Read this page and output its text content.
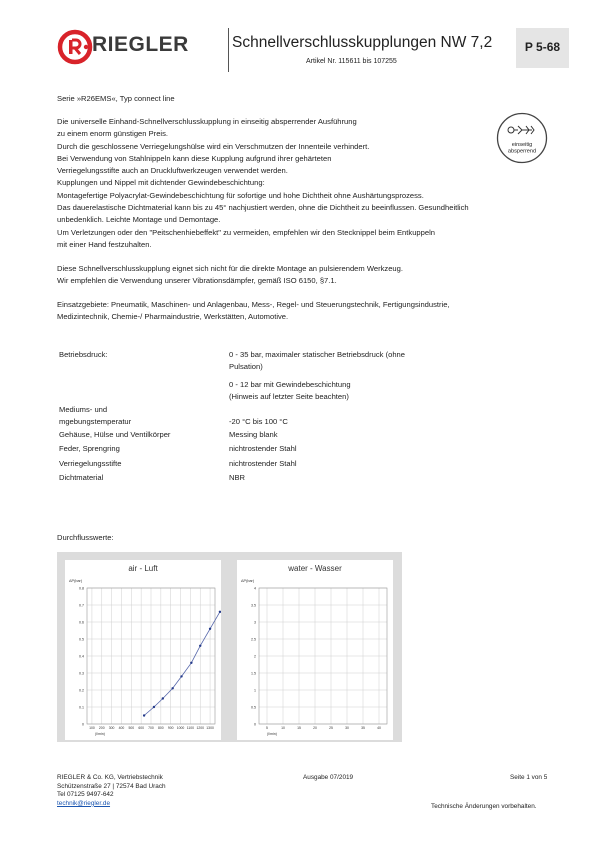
RIEGLER	Schnellverschlusskupplungen NW 7,2
Artikel Nr. 115611 bis 107255
P 5-68
Serie »R26EMS«, Typ connect line

Die universelle Einhand-Schnellverschlusskupplung in einseitig absperrender Ausführung

zu einem enorm günstigen Preis.

Durch die geschlossene Verriegelungshülse wird ein Verschmutzen der Innenteile verhindert.

Bei Verwendung von Stahlnippeln kann diese Kupplung aufgrund ihrer gehärteten

Verriegelungsstifte auch an Druckluftwerkzeugen verwendet werden.

Kupplungen und Nippel mit dichtender Gewindebeschichtung:

Montagefertige Polyacrylat-Gewindebeschichtung für sofortige und hohe Dichtheit ohne Aushärtungsprozess.

Das dauerelastische Dichtmaterial kann bis zu 45° nachjustiert werden, ohne die Dichtheit zu beeinflussen. Gesundheitlich

unbedenklich. Leichte Montage und Demontage.

Um Verletzungen oder den "Peitschenhiebeffekt" zu vermeiden, empfehlen wir den Stecknippel beim Entkuppeln

mit einer Hand festzuhalten.

einseitig
absperrend

Diese Schnellverschlusskupplung eignet sich nicht für die direkte Montage an pulsierendem Werkzeug.

Wir empfehlen die Verwendung unserer Vibrationsdämpfer, gemäß ISO 6150, §7.1.

Einsatzgebiete: Pneumatik, Maschinen- und Anlagenbau, Mess-, Regel- und Steuerungstechnik, Fertigungsindustrie,

Medizintechnik, Chemie-/ Pharmaindustrie, Werkstätten, Automotive.

Betriebsdruck:	0 - 35 bar, maximaler statischer Betriebsdruck (ohne
Pulsation)
0 - 12 bar mit Gewindebeschichtung
(Hinweis auf letzter Seite beachten)
Mediums- und
mgebungstemperatur	-20 °C bis 100 °C
Gehäuse, Hülse und Ventilkörper	Messing blank
Feder, Sprengring	nichtrostender Stahl
Verriegelungsstifte	nichtrostender Stahl
Dichtmaterial	NBR
Durchflusswerte:
air - Luft
ΔP(bar)
0
0.1
0.2
0.3
0.4
0.5
0.6
0.7
0.8
100 200 300 400 500 600 700 800 900 1000 1100 1200 1300
(l/min)
water - Wasser
ΔP(bar)
0
0.5
1
1.5
2
2.5
3
3.5
4
5	10	15	20	25	30	35	40
(l/min)

RIEGLER & Co. KG, Vertriebstechnik

Schützenstraße 27 | 72574 Bad Urach

Tel 07125 9497-642

technik@riegler.de

Ausgabe 07/2019	Seite 1 von 5
Technische Änderungen vorbehalten.
